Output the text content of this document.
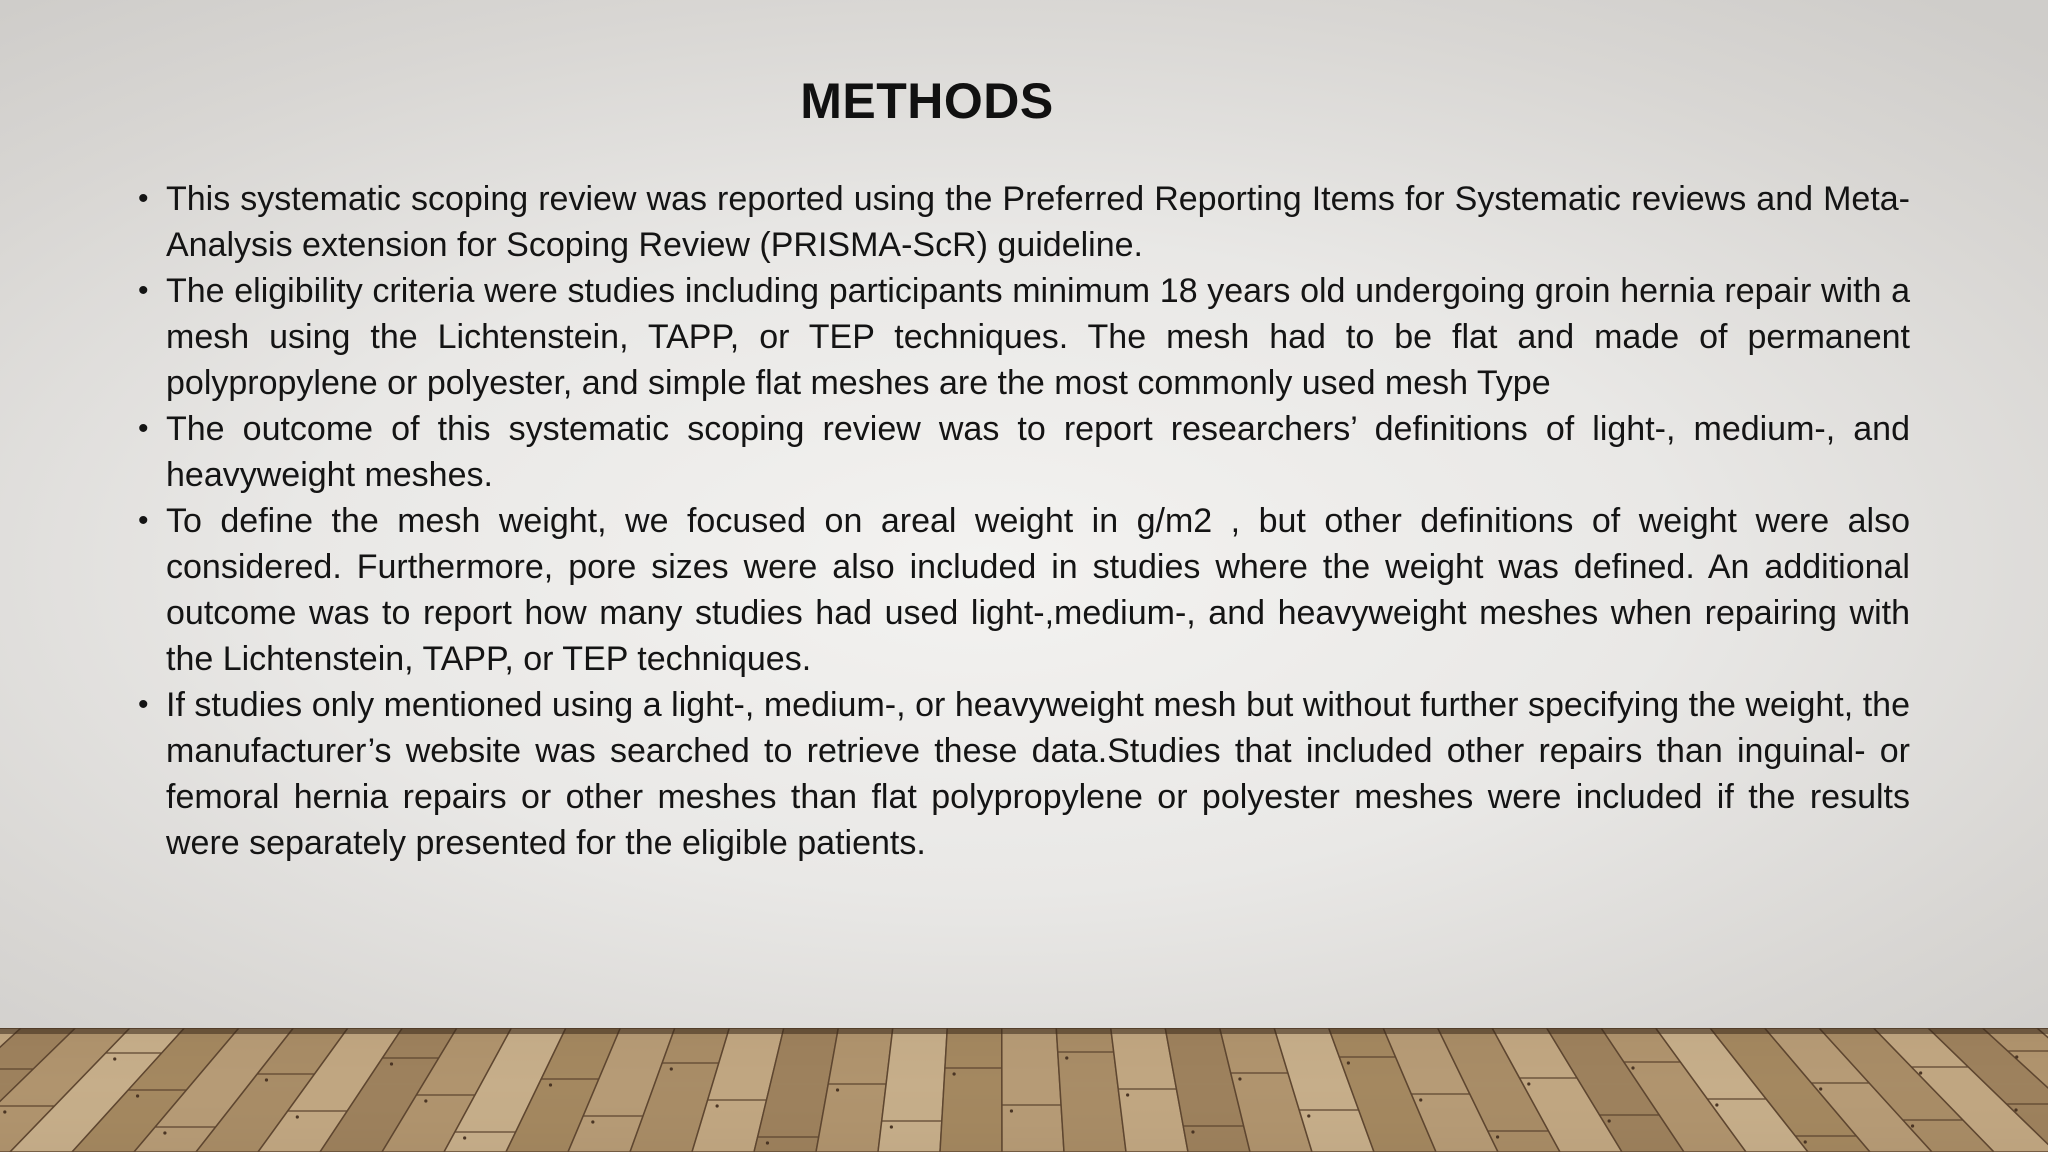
METHODS
• This systematic scoping review was reported using the Preferred Reporting Items for Systematic reviews and Meta-Analysis extension for Scoping Review (PRISMA-ScR) guideline.
• The eligibility criteria were studies including participants minimum 18 years old undergoing groin hernia repair with a mesh using the Lichtenstein, TAPP, or TEP techniques. The mesh had to be flat and made of permanent polypropylene or polyester, and simple flat meshes are the most commonly used mesh Type
• The outcome of this systematic scoping review was to report researchers’ definitions of light-, medium-, and heavyweight meshes.
• To define the mesh weight, we focused on areal weight in g/m2 , but other definitions of weight were also considered. Furthermore, pore sizes were also included in studies where the weight was defined. An additional outcome was to report how many studies had used light-,medium-, and heavyweight meshes when repairing with the Lichtenstein, TAPP, or TEP techniques.
• If studies only mentioned using a light-, medium-, or heavyweight mesh but without further specifying the weight, the manufacturer’s website was searched to retrieve these data.Studies that included other repairs than inguinal- or femoral hernia repairs or other meshes than flat polypropylene or polyester meshes were included if the results were separately presented for the eligible patients.
